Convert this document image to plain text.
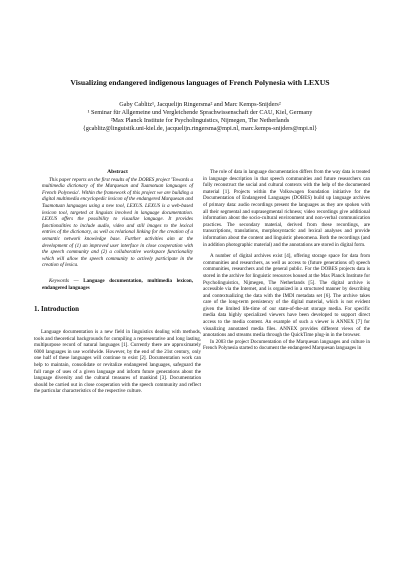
Visualizing endangered indigenous languages of French Polynesia with LEXUS
Gaby Cablitz¹, Jacquelijn Ringersma² and Marc Kemps-Snijders²
¹ Seminar für Allgemeine und Vergleichende Sprachwissenschaft der CAU, Kiel, Germany
²Max Planck Institute for Psycholinguistics, Nijmegen, The Netherlands
{gcablitz@linguistik.uni-kiel.de, jacquelijn.ringersma@mpi.nl, marc.kemps-snijders@mpi.nl}
Abstract

This paper reports on the first results of the DOBES project 'Towards a multimedia dictionary of the Marquesan and Tuamotuan languages of French Polynesia'. Within the framework of this project we are building a digital multimedia encyclopedic lexicon of the endangered Marquesan and Tuamotuan languages using a new tool, LEXUS. LEXUS is a web-based lexicon tool, targeted at linguists involved in language documentation. LEXUS offers the possibility to visualize language. It provides functionalities to include audio, video and still images to the lexical entries of the dictionary, as well as relational linking for the creation of a semantic network knowledge base. Further activities aim at the development of (1) an improved user interface in close cooperation with the speech community and (2) a collaborative workspace functionality which will allow the speech community to actively participate in the creation of lexica.

Keywords — Language documentation, multimedia lexicon, endangered languages

1. Introduction

Language documentation is a new field in linguistics dealing with methods, tools and theoretical backgrounds for compiling a representative and long lasting, multipurpose record of natural languages [1]. Currently there are approximately 6000 languages in use worldwide. However, by the end of the 21st century, only one half of these languages will continue to exist [2]. Documentation work can help to maintain, consolidate or revitalize endangered languages, safeguard the full range of uses of a given language and inform future generations about the language diversity and the cultural treasures of mankind [3]. Documentation should be carried out in close cooperation with the speech community and reflect the particular characteristics of the respective culture.

The role of data in language documentation differs from the way data is treated in language description in that speech communities and future researchers can fully reconstruct the social and cultural contexts with the help of the documented material [1]. Projects within the Volkswagen foundation initiative for the Documentation of Endangered Languages (DOBES) build up language archives of primary data: audio recordings present the languages as they are spoken with all their segmental and suprasegmental richness; video recordings give additional information about the socio-cultural environment and non-verbal communication practices. The secondary material, derived from these recordings, are transcriptions, translations, morphosyntactic and lexical analyses and provide information about the content and linguistic phenomena. Both the recordings (and in addition photographic material) and the annotations are stored in digital form.

A number of digital archives exist [4], offering storage space for data from communities and researchers, as well as access to (future generations of) speech communities, researchers and the general public. For the DOBES projects data is stored in the archive for linguistic resources housed at the Max Planck Institute for Psycholinguistics, Nijmegen, The Netherlands [5]. The digital archive is accessible via the Internet, and is organized in a structured manner by describing and contextualizing the data with the IMDI metadata set [6]. The archive takes care of the long-term persistency of the digital material, which is not evident given the limited life-time of our state-of-the-art storage media. For specific media data highly specialized viewers have been developed to support direct access to the media content. An example of such a viewer is ANNEX [7] for visualizing annotated media files. ANNEX provides different views of the annotations and streams media through the QuickTime plug-in in the browser.

In 2003 the project Documentation of the Marquesan languages and culture in French Polynesia started to document the endangered Marquesan languages in
